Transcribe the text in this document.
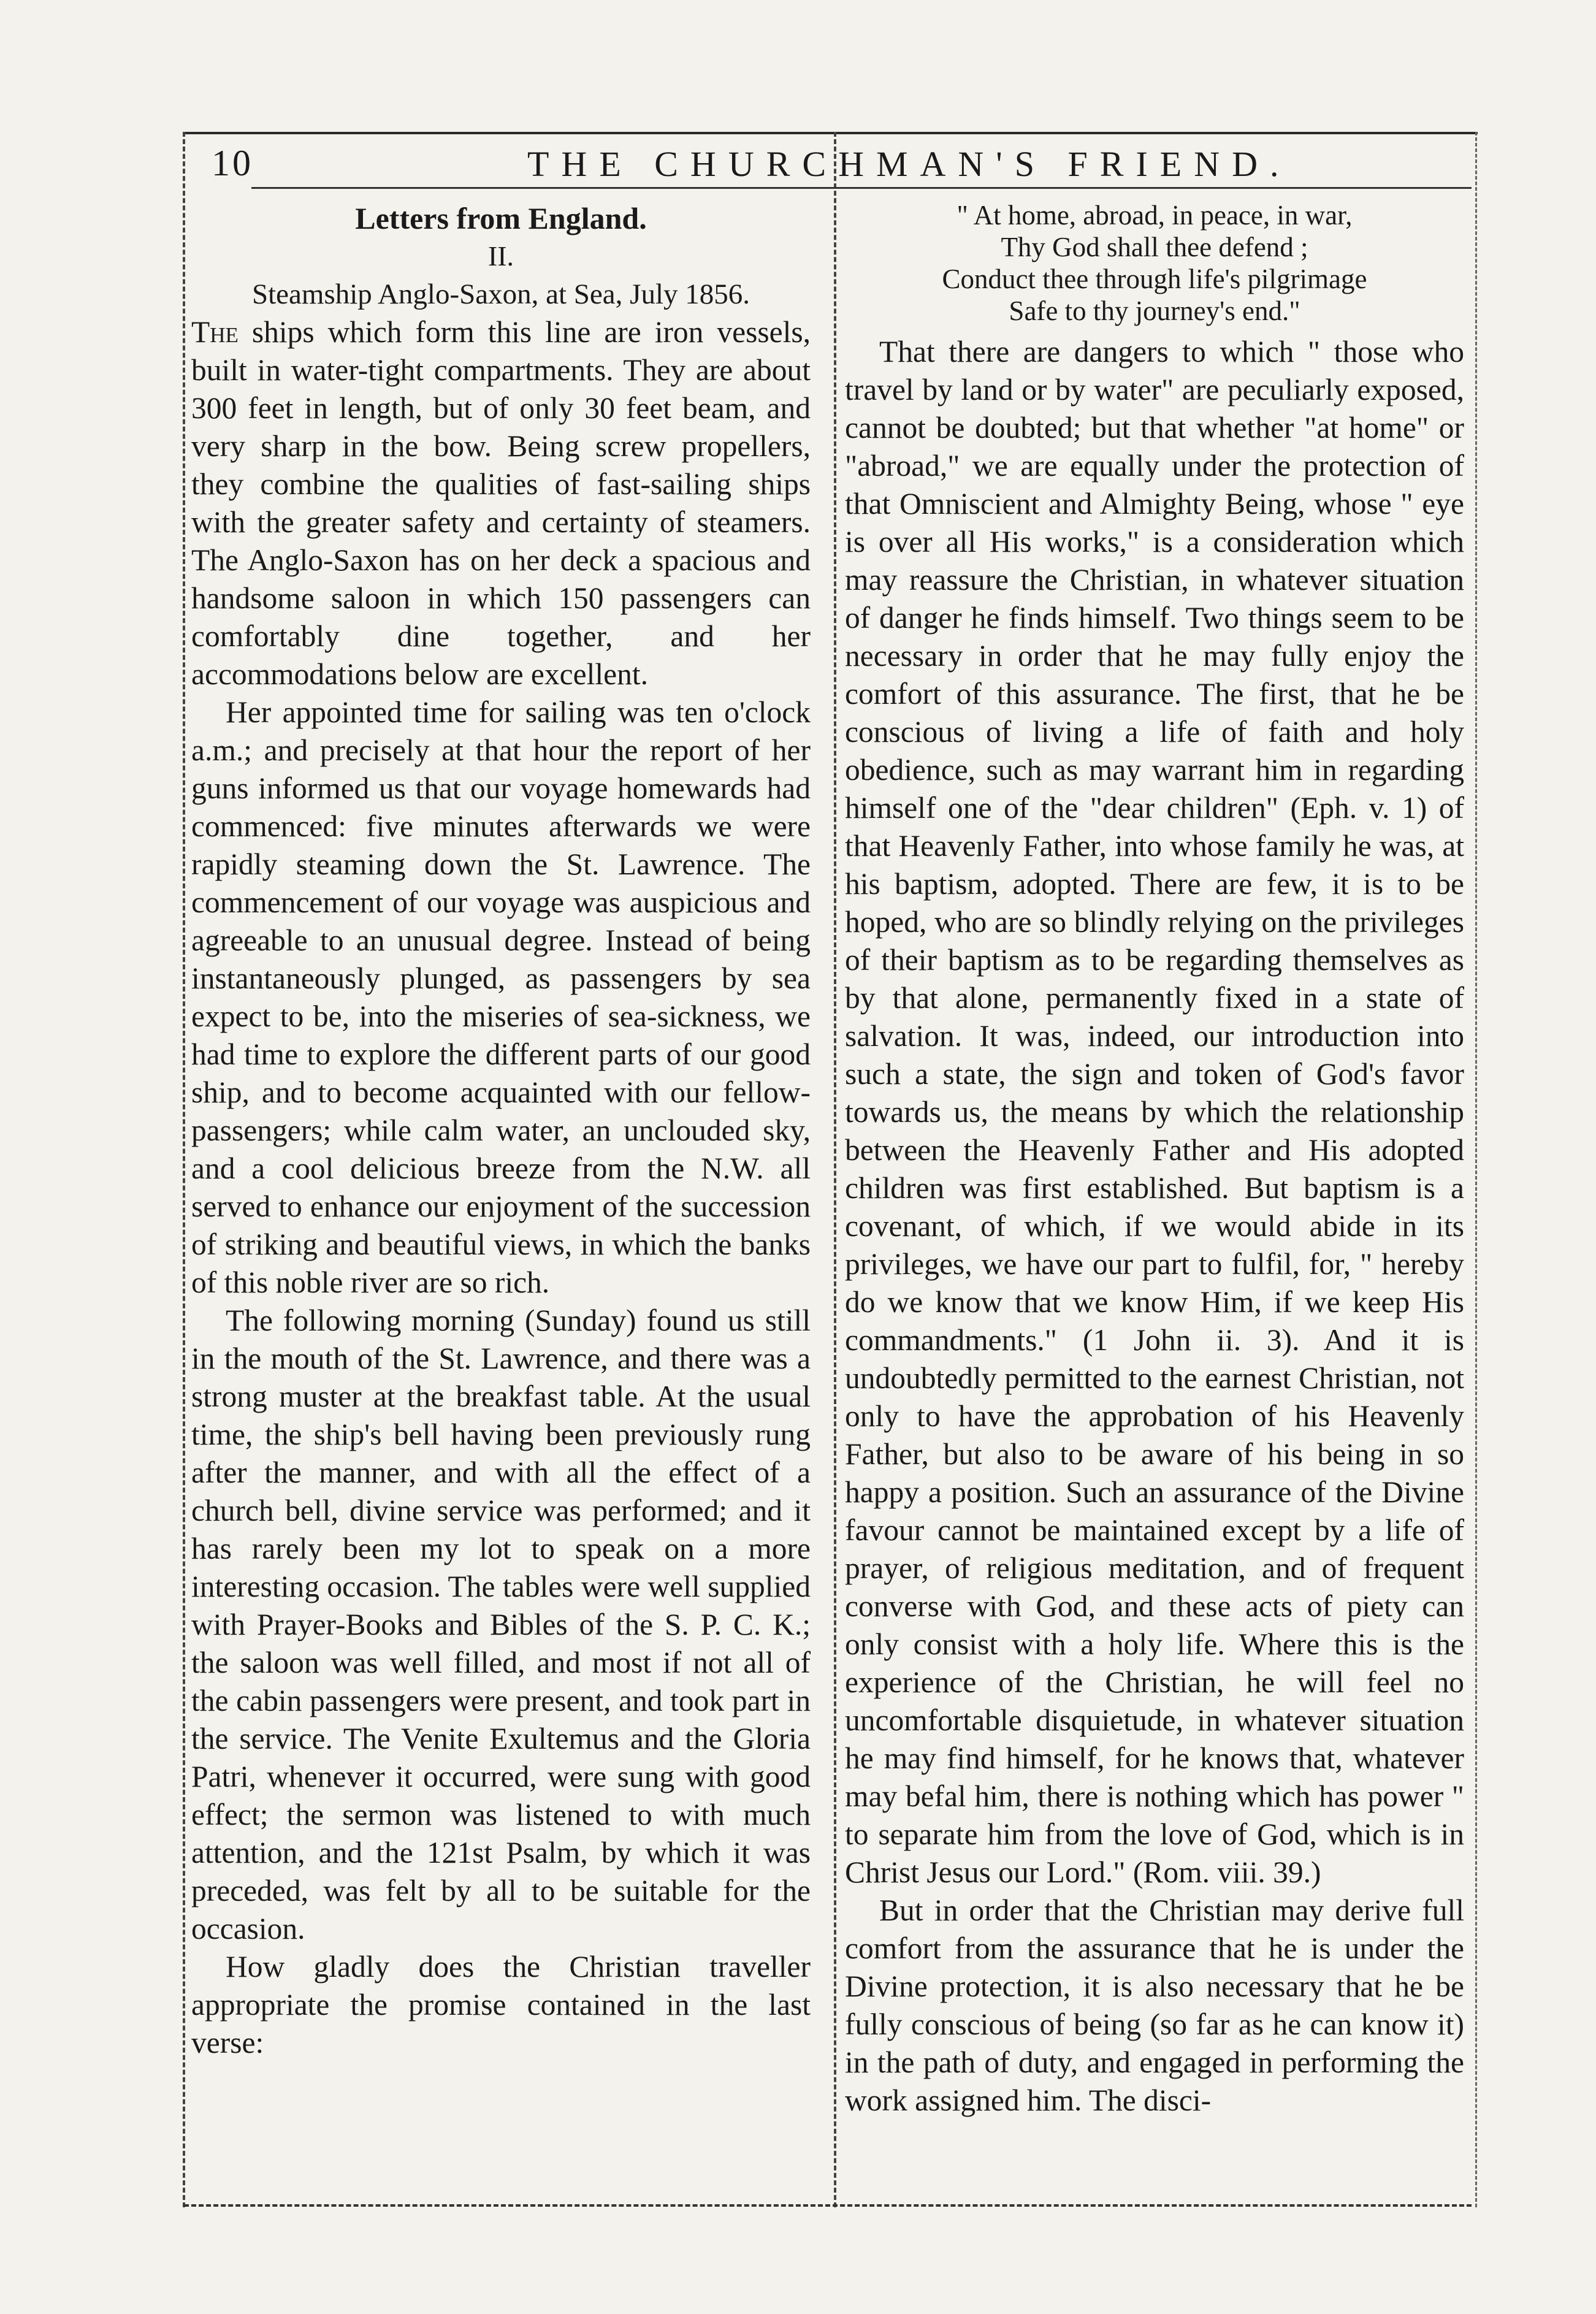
10	THE CHURCHMAN'S FRIEND.
Letters from England.
II.
Steamship Anglo-Saxon, at Sea, July 1856.

The ships which form this line are iron vessels, built in water-tight compartments. They are about 300 feet in length, but of only 30 feet beam, and very sharp in the bow. Being screw propellers, they combine the qualities of fast-sailing ships with the greater safety and certainty of steamers. The Anglo-Saxon has on her deck a spacious and handsome saloon in which 150 passengers can comfortably dine together, and her accommodations below are excellent.

Her appointed time for sailing was ten o'clock a.m.; and precisely at that hour the report of her guns informed us that our voyage homewards had commenced: five minutes afterwards we were rapidly steaming down the St. Lawrence. The commencement of our voyage was auspicious and agreeable to an unusual degree. Instead of being instantaneously plunged, as passengers by sea expect to be, into the miseries of sea-sickness, we had time to explore the different parts of our good ship, and to become acquainted with our fellow-passengers; while calm water, an unclouded sky, and a cool delicious breeze from the N.W. all served to enhance our enjoyment of the succession of striking and beautiful views, in which the banks of this noble river are so rich.

The following morning (Sunday) found us still in the mouth of the St. Lawrence, and there was a strong muster at the breakfast table. At the usual time, the ship's bell having been previously rung after the manner, and with all the effect of a church bell, divine service was performed; and it has rarely been my lot to speak on a more interesting occasion. The tables were well supplied with Prayer-Books and Bibles of the S. P. C. K.; the saloon was well filled, and most if not all of the cabin passengers were present, and took part in the service. The Venite Exultemus and the Gloria Patri, whenever it occurred, were sung with good effect; the sermon was listened to with much attention, and the 121st Psalm, by which it was preceded, was felt by all to be suitable for the occasion.

How gladly does the Christian traveller appropriate the promise contained in the last verse:

" At home, abroad, in peace, in war,
Thy God shall thee defend ;
Conduct thee through life's pilgrimage
Safe to thy journey's end."

That there are dangers to which " those who travel by land or by water" are peculiarly exposed, cannot be doubted; but that whether "at home" or "abroad," we are equally under the protection of that Omniscient and Almighty Being, whose " eye is over all His works," is a consideration which may reassure the Christian, in whatever situation of danger he finds himself. Two things seem to be necessary in order that he may fully enjoy the comfort of this assurance. The first, that he be conscious of living a life of faith and holy obedience, such as may warrant him in regarding himself one of the "dear children" (Eph. v. 1) of that Heavenly Father, into whose family he was, at his baptism, adopted. There are few, it is to be hoped, who are so blindly relying on the privileges of their baptism as to be regarding themselves as by that alone, permanently fixed in a state of salvation. It was, indeed, our introduction into such a state, the sign and token of God's favor towards us, the means by which the relationship between the Heavenly Father and His adopted children was first established. But baptism is a covenant, of which, if we would abide in its privileges, we have our part to fulfil, for, " hereby do we know that we know Him, if we keep His commandments." (1 John ii. 3). And it is undoubtedly permitted to the earnest Christian, not only to have the approbation of his Heavenly Father, but also to be aware of his being in so happy a position. Such an assurance of the Divine favour cannot be maintained except by a life of prayer, of religious meditation, and of frequent converse with God, and these acts of piety can only consist with a holy life. Where this is the experience of the Christian, he will feel no uncomfortable disquietude, in whatever situation he may find himself, for he knows that, whatever may befal him, there is nothing which has power " to separate him from the love of God, which is in Christ Jesus our Lord." (Rom. viii. 39.)

But in order that the Christian may derive full comfort from the assurance that he is under the Divine protection, it is also necessary that he be fully conscious of being (so far as he can know it) in the path of duty, and engaged in performing the work assigned him. The disci-
